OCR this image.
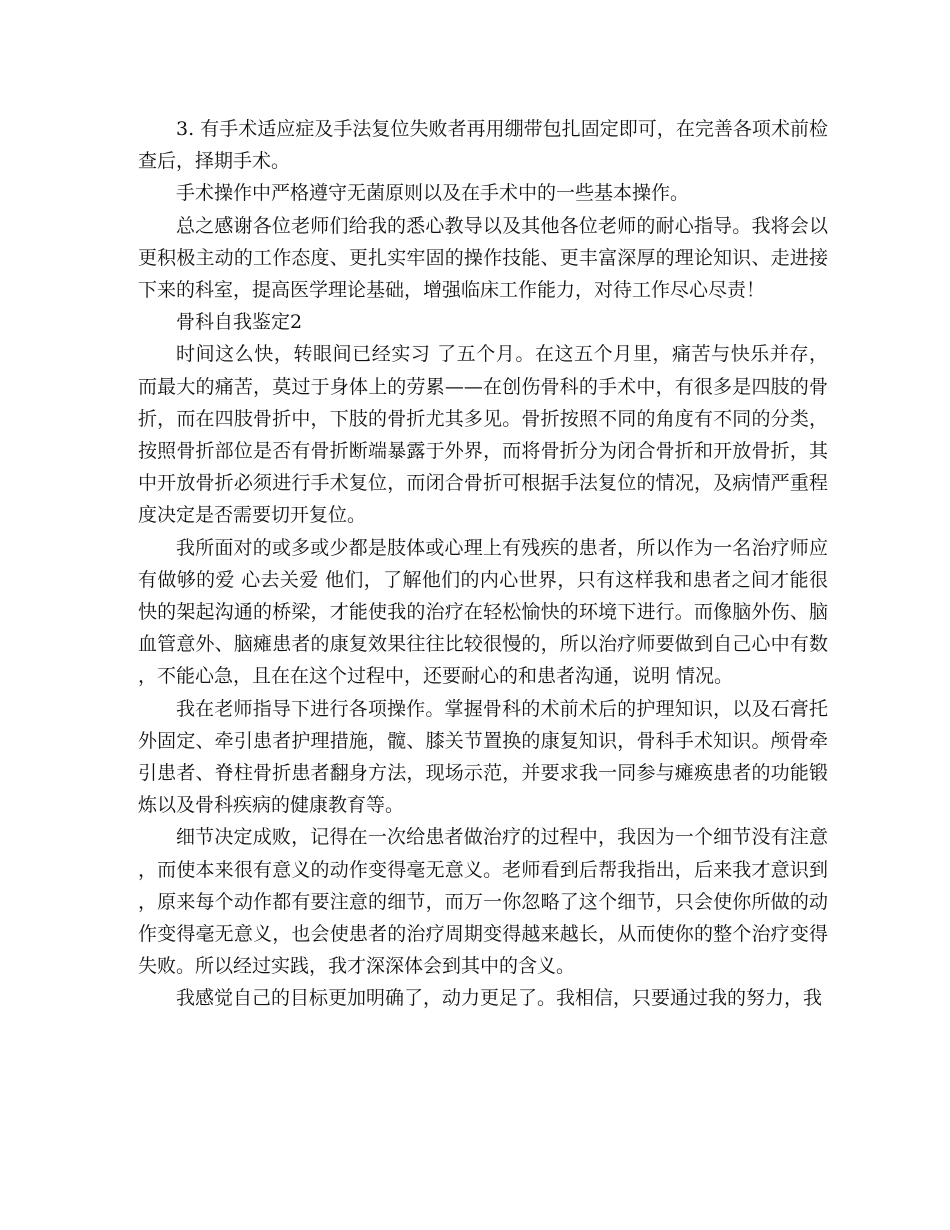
3. 有手术适应症及手法复位失败者再用绷带包扎固定即可，在完善各项术前检查后，择期手术。

手术操作中严格遵守无菌原则以及在手术中的一些基本操作。

总之感谢各位老师们给我的悉心教导以及其他各位老师的耐心指导。我将会以更积极主动的工作态度、更扎实牢固的操作技能、更丰富深厚的理论知识、走进接下来的科室，提高医学理论基础，增强临床工作能力，对待工作尽心尽责！

骨科自我鉴定2

时间这么快，转眼间已经实习 了五个月。在这五个月里，痛苦与快乐并存，而最大的痛苦，莫过于身体上的劳累——在创伤骨科的手术中，有很多是四肢的骨折，而在四肢骨折中，下肢的骨折尤其多见。骨折按照不同的角度有不同的分类，按照骨折部位是否有骨折断端暴露于外界，而将骨折分为闭合骨折和开放骨折，其中开放骨折必须进行手术复位，而闭合骨折可根据手法复位的情况，及病情严重程度决定是否需要切开复位。

我所面对的或多或少都是肢体或心理上有残疾的患者，所以作为一名治疗师应有做够的爱 心去关爱 他们，了解他们的内心世界，只有这样我和患者之间才能很快的架起沟通的桥梁，才能使我的治疗在轻松愉快的环境下进行。而像脑外伤、脑血管意外、脑瘫患者的康复效果往往比较很慢的，所以治疗师要做到自己心中有数，不能心急，且在在这个过程中，还要耐心的和患者沟通，说明 情况。

我在老师指导下进行各项操作。掌握骨科的术前术后的护理知识，以及石膏托外固定、牵引患者护理措施，髋、膝关节置换的康复知识，骨科手术知识。颅骨牵引患者、脊柱骨折患者翻身方法，现场示范，并要求我一同参与瘫痪患者的功能锻炼以及骨科疾病的健康教育等。

细节决定成败，记得在一次给患者做治疗的过程中，我因为一个细节没有注意，而使本来很有意义的动作变得毫无意义。老师看到后帮我指出，后来我才意识到，原来每个动作都有要注意的细节，而万一你忽略了这个细节，只会使你所做的动作变得毫无意义，也会使患者的治疗周期变得越来越长，从而使你的整个治疗变得失败。所以经过实践，我才深深体会到其中的含义。

我感觉自己的目标更加明确了，动力更足了。我相信，只要通过我的努力，我
